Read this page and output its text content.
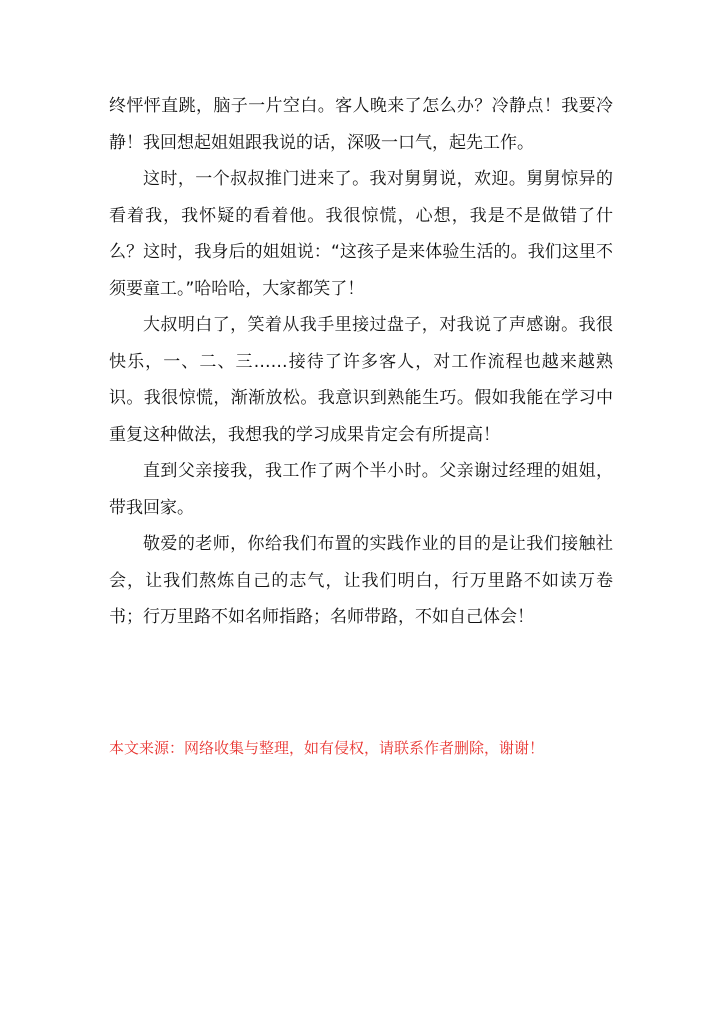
终怦怦直跳，脑子一片空白。客人晚来了怎么办？冷静点！我要冷静！我回想起姐姐跟我说的话，深吸一口气，起先工作。

这时，一个叔叔推门进来了。我对舅舅说，欢迎。舅舅惊异的看着我，我怀疑的看着他。我很惊慌，心想，我是不是做错了什么？这时，我身后的姐姐说：“这孩子是来体验生活的。我们这里不须要童工。”哈哈哈，大家都笑了！

大叔明白了，笑着从我手里接过盘子，对我说了声感谢。我很快乐，一、二、三……接待了许多客人，对工作流程也越来越熟识。我很惊慌，渐渐放松。我意识到熟能生巧。假如我能在学习中重复这种做法，我想我的学习成果肯定会有所提高！

直到父亲接我，我工作了两个半小时。父亲谢过经理的姐姐，带我回家。

敬爱的老师，你给我们布置的实践作业的目的是让我们接触社会，让我们熬炼自己的志气，让我们明白，行万里路不如读万卷书；行万里路不如名师指路；名师带路，不如自己体会！

本文来源：网络收集与整理，如有侵权，请联系作者删除，谢谢！
